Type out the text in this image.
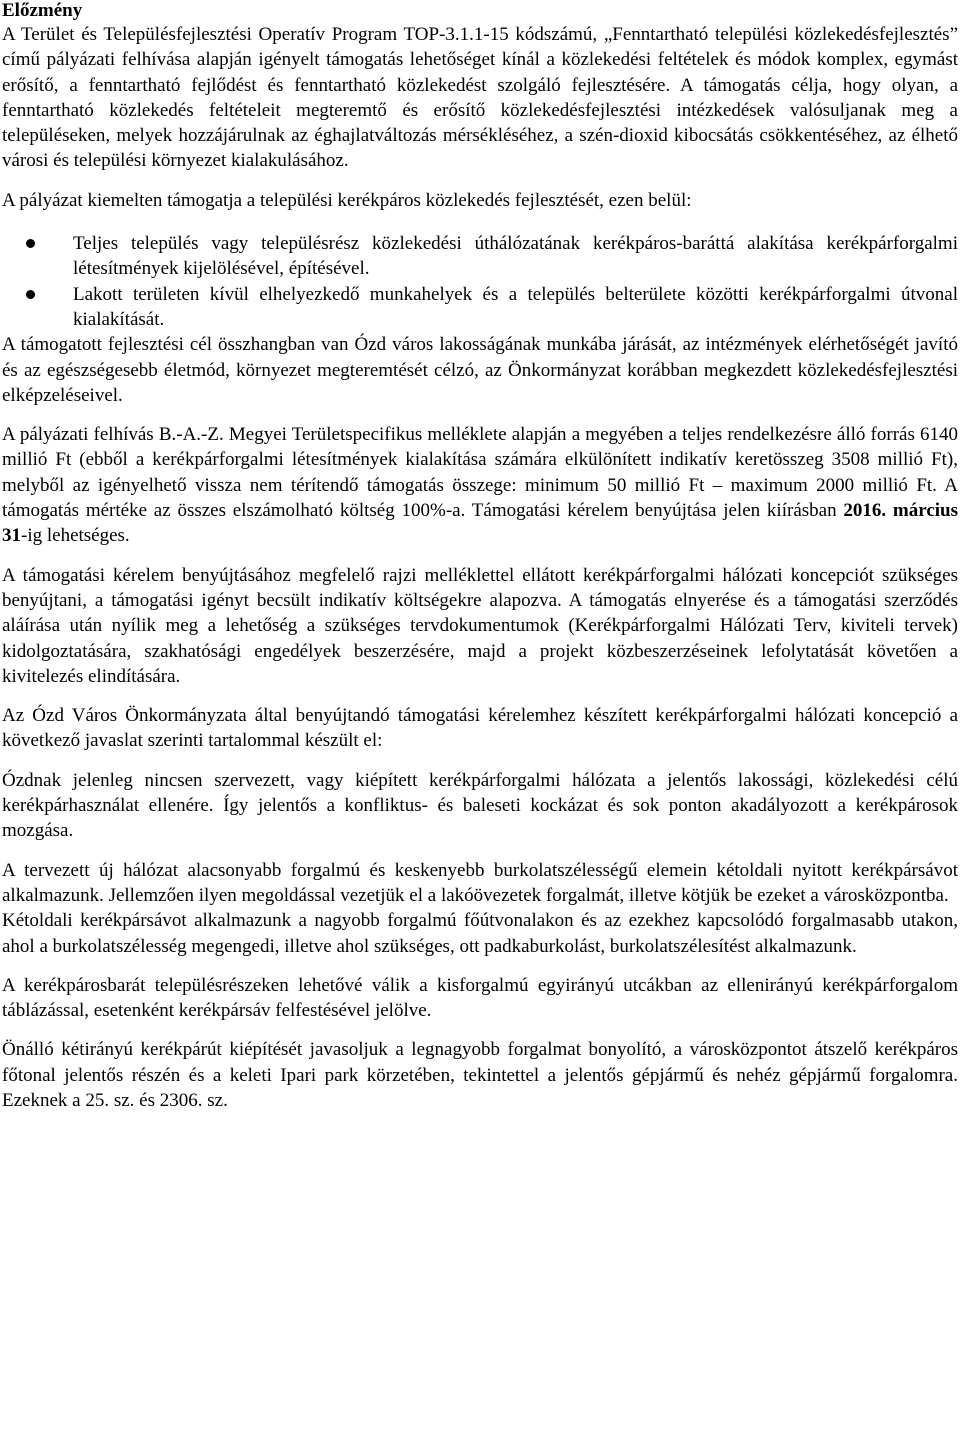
Előzmény

A Terület és Településfejlesztési Operatív Program TOP-3.1.1-15 kódszámú, „Fenntartható települési közlekedésfejlesztés” című pályázati felhívása alapján igényelt támogatás lehetőséget kínál a közlekedési feltételek és módok komplex, egymást erősítő, a fenntartható fejlődést és fenntartható közlekedést szolgáló fejlesztésére. A támogatás célja, hogy olyan, a fenntartható közlekedés feltételeit megteremtő és erősítő közlekedésfejlesztési intézkedések valósuljanak meg a településeken, melyek hozzájárulnak az éghajlatváltozás mérsékléséhez, a szén-dioxid kibocsátás csökkentéséhez, az élhető városi és települési környezet kialakulásához.

A pályázat kiemelten támogatja a települési kerékpáros közlekedés fejlesztését, ezen belül:

Teljes település vagy településrész közlekedési úthálózatának kerékpáros-baráttá alakítása kerékpárforgalmi létesítmények kijelölésével, építésével.
Lakott területen kívül elhelyezkedő munkahelyek és a település belterülete közötti kerékpárforgalmi útvonal kialakítását.

A támogatott fejlesztési cél összhangban van Ózd város lakosságának munkába járását, az intézmények elérhetőségét javító és az egészségesebb életmód, környezet megteremtését célzó, az Önkormányzat korábban megkezdett közlekedésfejlesztési elképzeléseivel.

A pályázati felhívás B.-A.-Z. Megyei Területspecifikus melléklete alapján a megyében a teljes rendelkezésre álló forrás 6140 millió Ft (ebből a kerékpárforgalmi létesítmények kialakítása számára elkülönített indikatív keretösszeg 3508 millió Ft), melyből az igényelhető vissza nem térítendő támogatás összege: minimum 50 millió Ft – maximum 2000 millió Ft. A támogatás mértéke az összes elszámolható költség 100%-a. Támogatási kérelem benyújtása jelen kiírásban 2016. március 31-ig lehetséges.

A támogatási kérelem benyújtásához megfelelő rajzi melléklettel ellátott kerékpárforgalmi hálózati koncepciót szükséges benyújtani, a támogatási igényt becsült indikatív költségekre alapozva. A támogatás elnyerése és a támogatási szerződés aláírása után nyílik meg a lehetőség a szükséges tervdokumentumok (Kerékpárforgalmi Hálózati Terv, kiviteli tervek) kidolgoztatására, szakhatósági engedélyek beszerzésére, majd a projekt közbeszerzéseinek lefolytatását követően a kivitelezés elindítására.

Az Ózd Város Önkormányzata által benyújtandó támogatási kérelemhez készített kerékpárforgalmi hálózati koncepció a következő javaslat szerinti tartalommal készült el:

Ózdnak jelenleg nincsen szervezett, vagy kiépített kerékpárforgalmi hálózata a jelentős lakossági, közlekedési célú kerékpárhasználat ellenére. Így jelentős a konfliktus- és baleseti kockázat és sok ponton akadályozott a kerékpárosok mozgása.

A tervezett új hálózat alacsonyabb forgalmú és keskenyebb burkolatszélességű elemein kétoldali nyitott kerékpársávot alkalmazunk. Jellemzően ilyen megoldással vezetjük el a lakóövezetek forgalmát, illetve kötjük be ezeket a városközpontba.

Kétoldali kerékpársávot alkalmazunk a nagyobb forgalmú főútvonalakon és az ezekhez kapcsolódó forgalmasabb utakon, ahol a burkolatszélesség megengedi, illetve ahol szükséges, ott padkaburkolást, burkolatszélesítést alkalmazunk.

A kerékpárosbarát településrészeken lehetővé válik a kisforgalmú egyirányú utcákban az ellenirányú kerékpárforgalom táblázással, esetenként kerékpársáv felfestésével jelölve.

Önálló kétirányú kerékpárút kiépítését javasoljuk a legnagyobb forgalmat bonyolító, a városközpontot átszelő kerékpáros főtonal jelentős részén és a keleti Ipari park körzetében, tekintettel a jelentős gépjármű és nehéz gépjármű forgalomra. Ezeknek a 25. sz. és 2306. sz.
